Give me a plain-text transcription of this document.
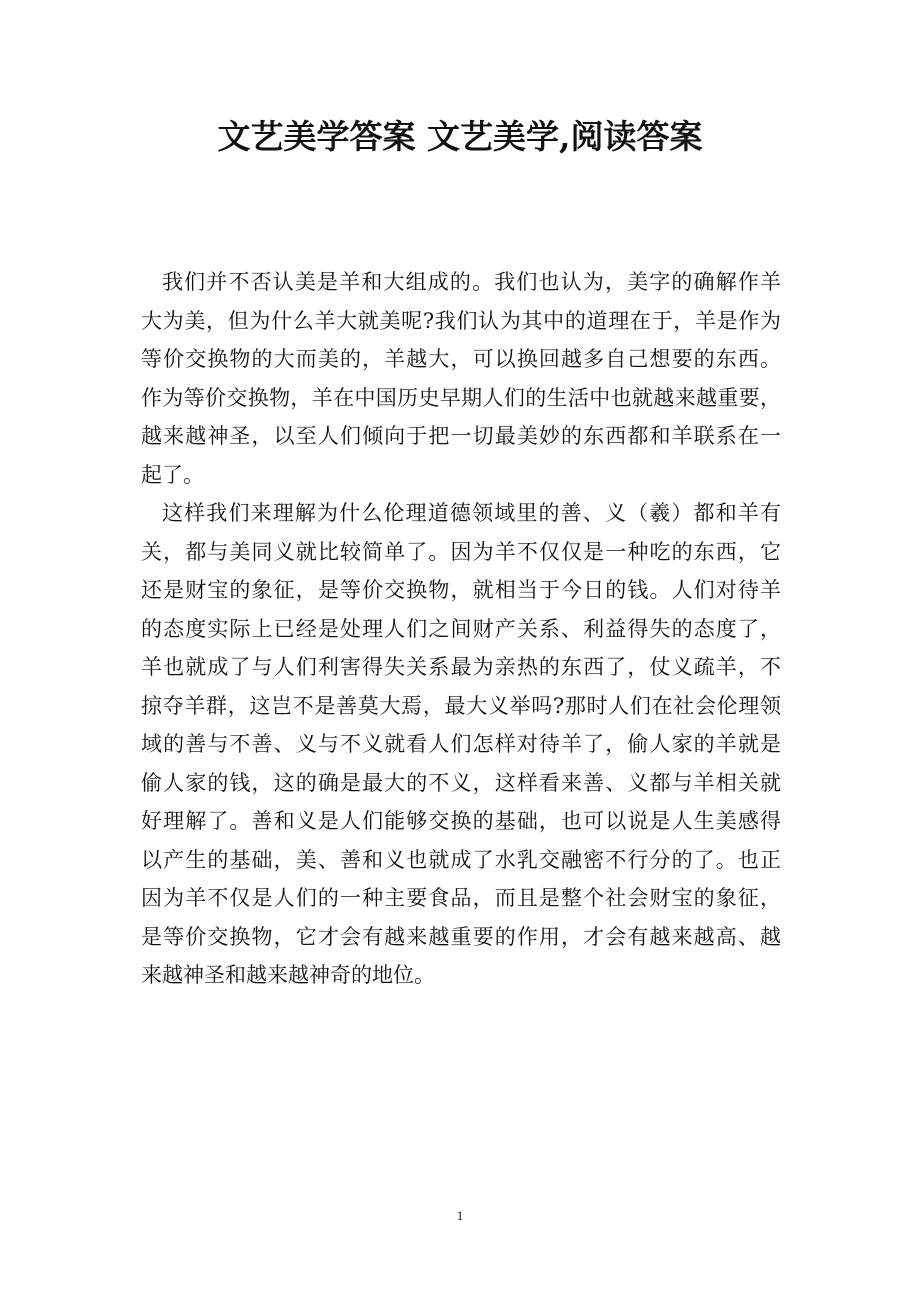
文艺美学答案 文艺美学,阅读答案

我们并不否认美是羊和大组成的。我们也认为，美字的确解作羊
大为美，但为什么羊大就美呢?我们认为其中的道理在于，羊是作为
等价交换物的大而美的，羊越大，可以换回越多自己想要的东西。
作为等价交换物，羊在中国历史早期人们的生活中也就越来越重要，
越来越神圣，以至人们倾向于把一切最美妙的东西都和羊联系在一
起了。

这样我们来理解为什么伦理道德领域里的善、义（羲）都和羊有
关，都与美同义就比较简单了。因为羊不仅仅是一种吃的东西，它
还是财宝的象征，是等价交换物，就相当于今日的钱。人们对待羊
的态度实际上已经是处理人们之间财产关系、利益得失的态度了，
羊也就成了与人们利害得失关系最为亲热的东西了，仗义疏羊，不
掠夺羊群，这岂不是善莫大焉，最大义举吗?那时人们在社会伦理领
域的善与不善、义与不义就看人们怎样对待羊了，偷人家的羊就是
偷人家的钱，这的确是最大的不义，这样看来善、义都与羊相关就
好理解了。善和义是人们能够交换的基础，也可以说是人生美感得
以产生的基础，美、善和义也就成了水乳交融密不行分的了。也正
因为羊不仅是人们的一种主要食品，而且是整个社会财宝的象征，
是等价交换物，它才会有越来越重要的作用，才会有越来越高、越
来越神圣和越来越神奇的地位。

1
